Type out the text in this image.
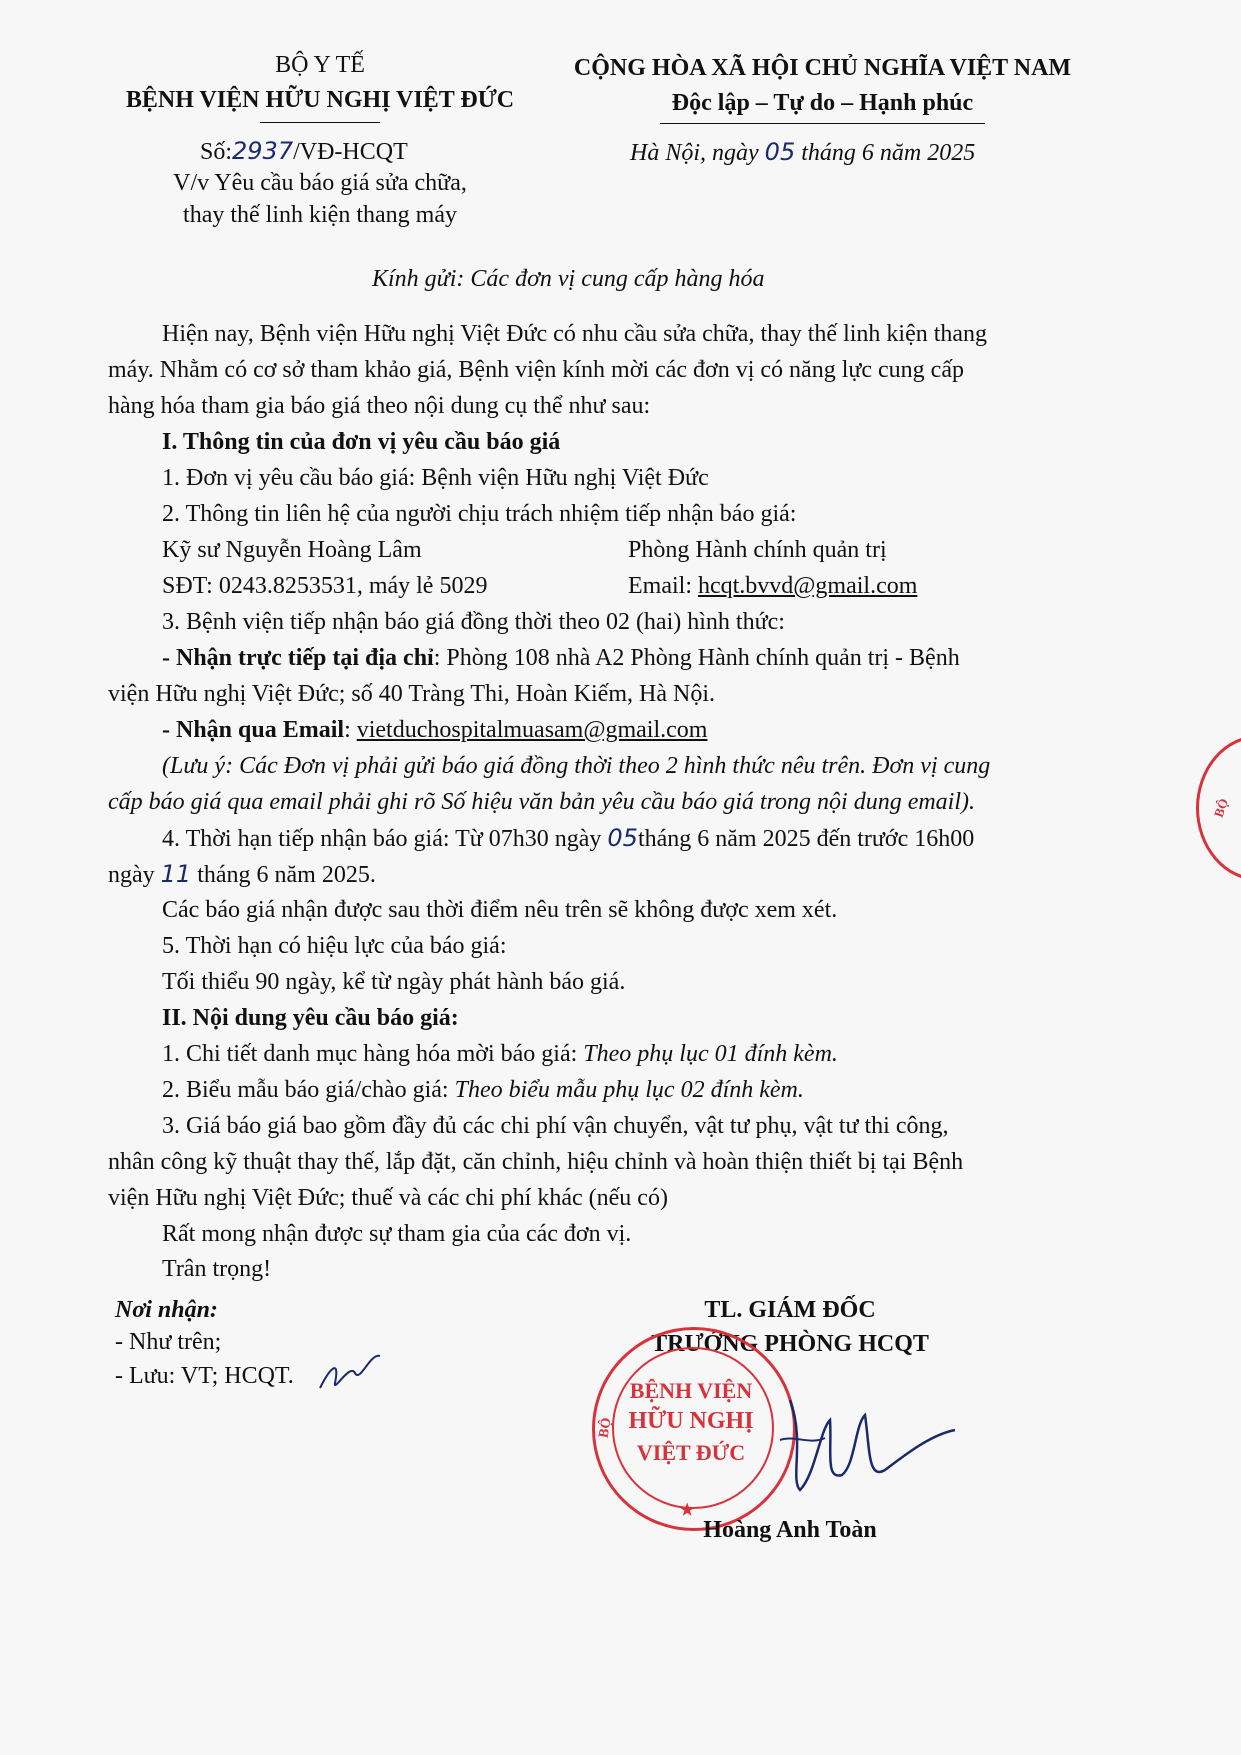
BỘ Y TẾ
BỆNH VIỆN HỮU NGHỊ VIỆT ĐỨC
Số:2937/VĐ-HCQT
V/v Yêu cầu báo giá sửa chữa,
thay thế linh kiện thang máy
CỘNG HÒA XÃ HỘI CHỦ NGHĨA VIỆT NAM
Độc lập – Tự do – Hạnh phúc
Hà Nội, ngày 05 tháng 6 năm 2025
Kính gửi: Các đơn vị cung cấp hàng hóa
Hiện nay, Bệnh viện Hữu nghị Việt Đức có nhu cầu sửa chữa, thay thế linh kiện thang
máy. Nhằm có cơ sở tham khảo giá, Bệnh viện kính mời các đơn vị có năng lực cung cấp
hàng hóa tham gia báo giá theo nội dung cụ thể như sau:
I. Thông tin của đơn vị yêu cầu báo giá
1. Đơn vị yêu cầu báo giá: Bệnh viện Hữu nghị Việt Đức
2. Thông tin liên hệ của người chịu trách nhiệm tiếp nhận báo giá:
Kỹ sư Nguyễn Hoàng Lâm	Phòng Hành chính quản trị
SĐT: 0243.8253531, máy lẻ 5029	Email: hcqt.bvvd@gmail.com
3. Bệnh viện tiếp nhận báo giá đồng thời theo 02 (hai) hình thức:
- Nhận trực tiếp tại địa chỉ: Phòng 108 nhà A2 Phòng Hành chính quản trị - Bệnh
viện Hữu nghị Việt Đức; số 40 Tràng Thi, Hoàn Kiếm, Hà Nội.
- Nhận qua Email: vietduchospitalmuasam@gmail.com
(Lưu ý: Các Đơn vị phải gửi báo giá đồng thời theo 2 hình thức nêu trên. Đơn vị cung
cấp báo giá qua email phải ghi rõ Số hiệu văn bản yêu cầu báo giá trong nội dung email).
4. Thời hạn tiếp nhận báo giá: Từ 07h30 ngày 05tháng 6 năm 2025 đến trước 16h00
ngày 11 tháng 6 năm 2025.
Các báo giá nhận được sau thời điểm nêu trên sẽ không được xem xét.
5. Thời hạn có hiệu lực của báo giá:
Tối thiểu 90 ngày, kể từ ngày phát hành báo giá.
II. Nội dung yêu cầu báo giá:
1. Chi tiết danh mục hàng hóa mời báo giá: Theo phụ lục 01 đính kèm.
2. Biểu mẫu báo giá/chào giá: Theo biểu mẫu phụ lục 02 đính kèm.
3. Giá báo giá bao gồm đầy đủ các chi phí vận chuyển, vật tư phụ, vật tư thi công,
nhân công kỹ thuật thay thế, lắp đặt, căn chỉnh, hiệu chỉnh và hoàn thiện thiết bị tại Bệnh
viện Hữu nghị Việt Đức; thuế và các chi phí khác (nếu có)
Rất mong nhận được sự tham gia của các đơn vị.
Trân trọng!
Nơi nhận:
- Như trên;
- Lưu: VT; HCQT.
TL. GIÁM ĐỐC
TRƯỞNG PHÒNG HCQT
BỆNH VIỆN
HỮU NGHỊ
VIỆT ĐỨC
BỘ
★
Hoàng Anh Toàn
BỘ
